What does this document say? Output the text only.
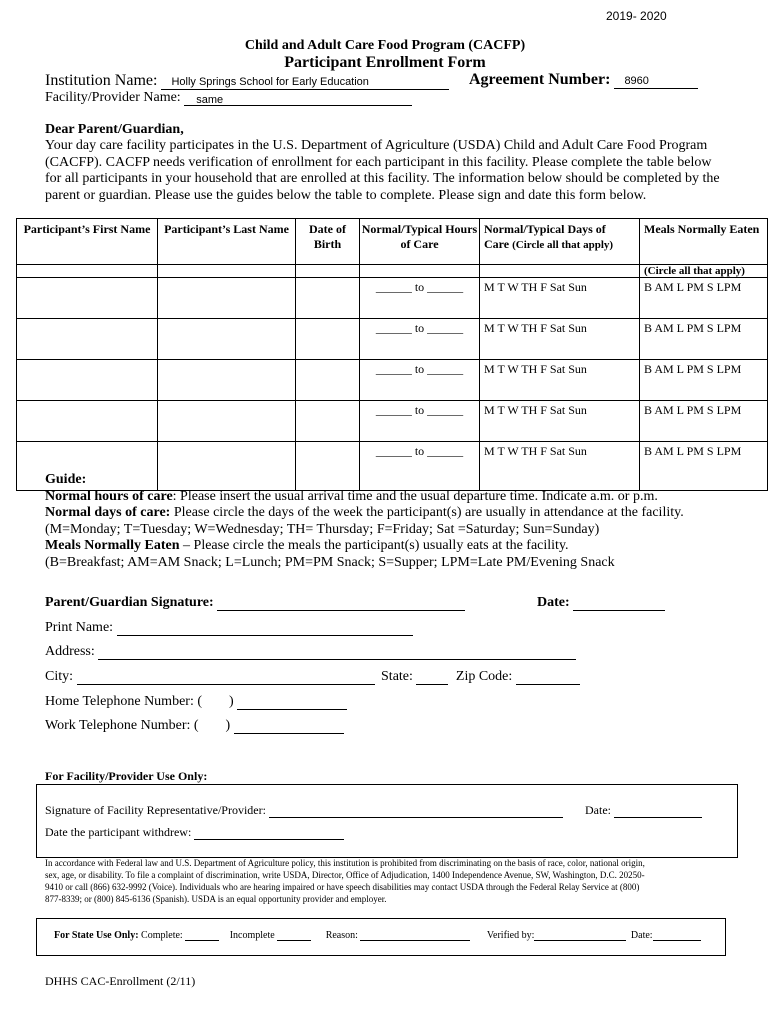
2019- 2020
Child and Adult Care Food Program (CACFP)
Participant Enrollment Form
Institution Name: Holly Springs School for Early Education	Agreement Number: 8960
Facility/Provider Name: same
Dear Parent/Guardian,

Your day care facility participates in the U.S. Department of Agriculture (USDA) Child and Adult Care Food Program

(CACFP). CACFP needs verification of enrollment for each participant in this facility. Please complete the table below

for all participants in your household that are enrolled at this facility. The information below should be completed by the

parent or guardian. Please use the guides below the table to complete. Please sign and date this form below.

Participant’s First Name	Participant’s Last Name	Date of Birth	Normal/Typical Hours of Care	Normal/Typical Days of
Care (Circle all that apply)	Meals Normally Eaten
					(Circle all that apply)

			______ to ______	M T W TH F Sat Sun	B AM L PM S LPM

			______ to ______	M T W TH F Sat Sun	B AM L PM S LPM

			______ to ______	M T W TH F Sat Sun	B AM L PM S LPM

			______ to ______	M T W TH F Sat Sun	B AM L PM S LPM

			______ to ______	M T W TH F Sat Sun	B AM L PM S LPM

Guide:

Normal hours of care: Please insert the usual arrival time and the usual departure time. Indicate a.m. or p.m.

Normal days of care: Please circle the days of the week the participant(s) are usually in attendance at the facility.

(M=Monday; T=Tuesday; W=Wednesday; TH= Thursday; F=Friday; Sat =Saturday; Sun=Sunday)

Meals Normally Eaten – Please circle the meals the participant(s) usually eats at the facility.

(B=Breakfast; AM=AM Snack; L=Lunch; PM=PM Snack; S=Supper; LPM=Late PM/Evening Snack

Parent/Guardian Signature:	Date:
Print Name:
Address:
City:	State:	Zip Code:
Home Telephone Number: ( )
Work Telephone Number: ( )
For Facility/Provider Use Only:
Signature of Facility Representative/Provider:	Date:
Date the participant withdrew:

In accordance with Federal law and U.S. Department of Agriculture policy, this institution is prohibited from discriminating on the basis of race, color, national origin,

sex, age, or disability. To file a complaint of discrimination, write USDA, Director, Office of Adjudication, 1400 Independence Avenue, SW, Washington, D.C. 20250-

9410 or call (866) 632-9992 (Voice). Individuals who are hearing impaired or have speech disabilities may contact USDA through the Federal Relay Service at (800)

877-8339; or (800) 845-6136 (Spanish). USDA is an equal opportunity provider and employer.

For State Use Only: Complete:	Incomplete	Reason:	Verified by:	Date:
DHHS CAC-Enrollment (2/11)
